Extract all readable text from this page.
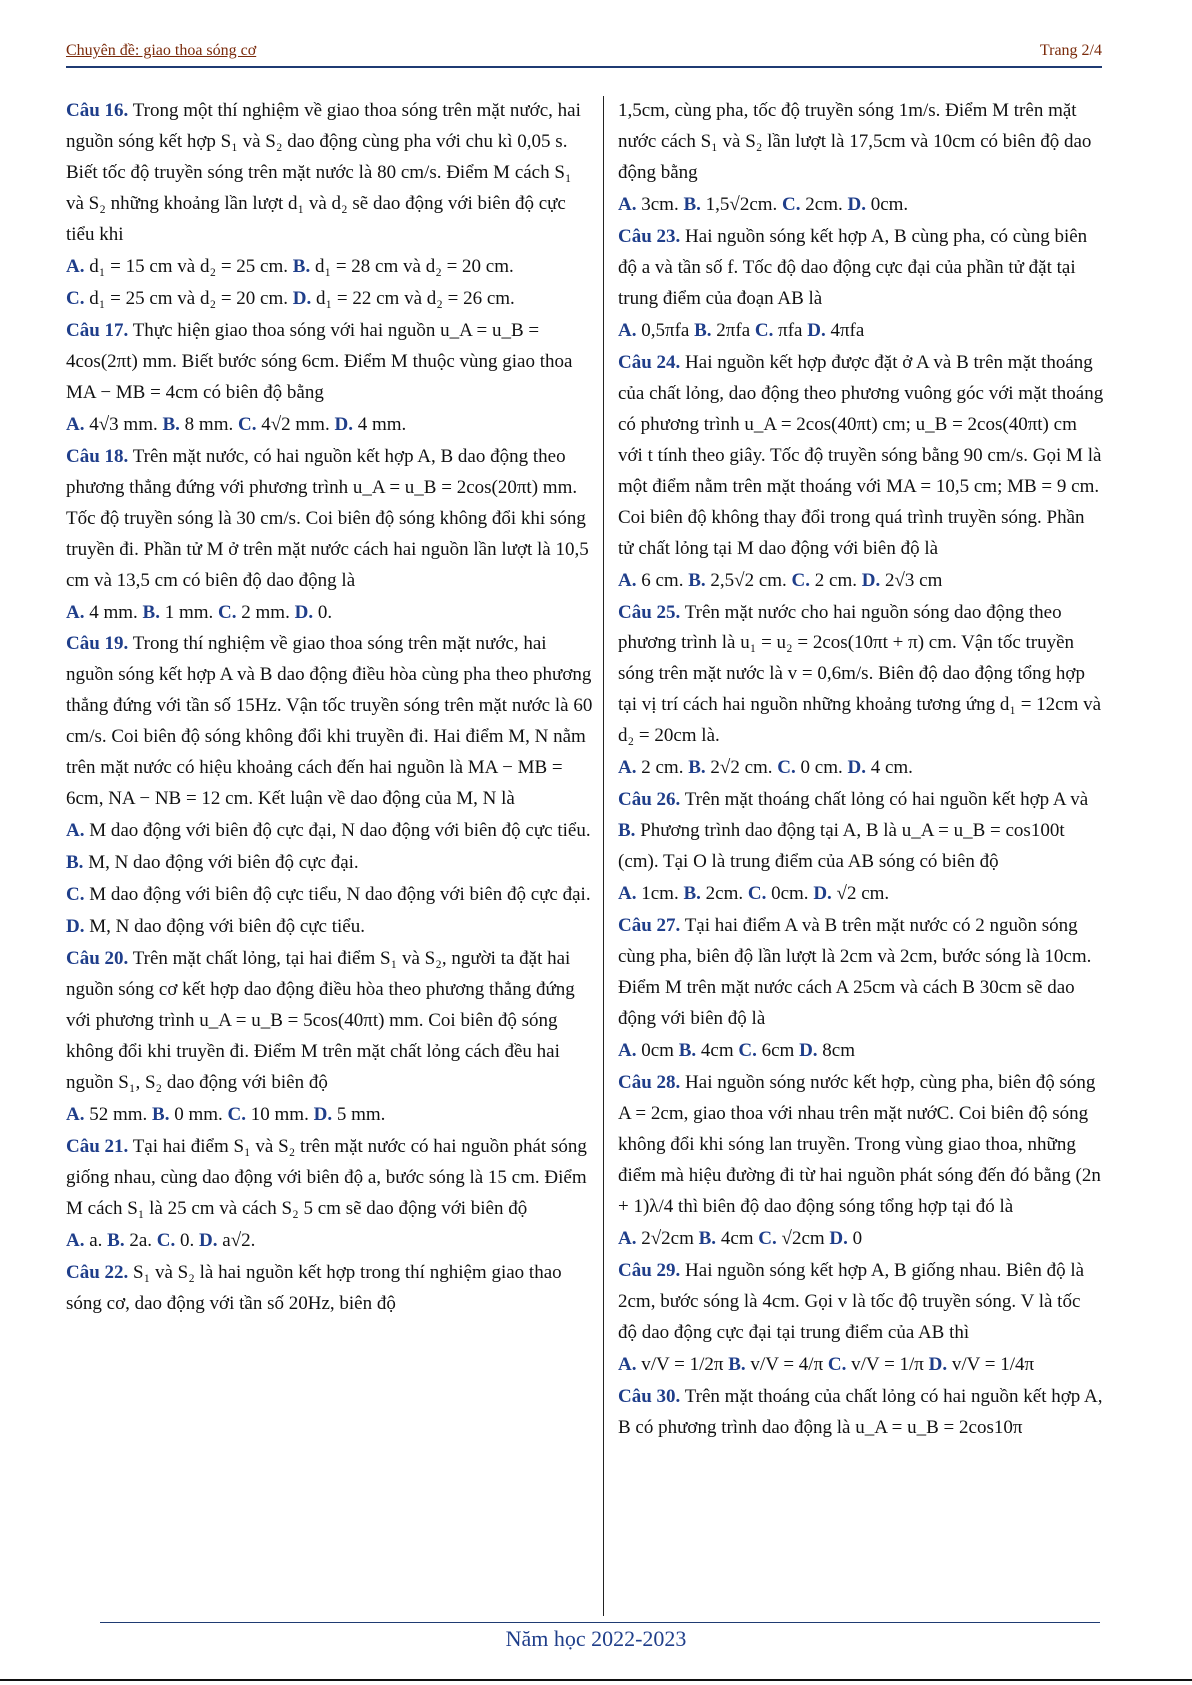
Chuyên đề: giao thoa sóng cơ	Trang 2/4

Câu 16. Trong một thí nghiệm về giao thoa sóng trên mặt nước, hai nguồn sóng kết hợp S₁ và S₂ dao động cùng pha với chu kì 0,05 s. Biết tốc độ truyền sóng trên mặt nước là 80 cm/s. Điểm M cách S₁ và S₂ những khoảng lần lượt d₁ và d₂ sẽ dao động với biên độ cực tiểu khi

A. d₁ = 15 cm và d₂ = 25 cm. B. d₁ = 28 cm và d₂ = 20 cm.

C. d₁ = 25 cm và d₂ = 20 cm. D. d₁ = 22 cm và d₂ = 26 cm.

Câu 17. Thực hiện giao thoa sóng với hai nguồn u_A = u_B = 4cos(2πt) mm. Biết bước sóng 6cm. Điểm M thuộc vùng giao thoa MA − MB = 4cm có biên độ bằng

A. 4√3 mm. B. 8 mm. C. 4√2 mm. D. 4 mm.

Câu 18. Trên mặt nước, có hai nguồn kết hợp A, B dao động theo phương thẳng đứng với phương trình u_A = u_B = 2cos(20πt) mm. Tốc độ truyền sóng là 30 cm/s. Coi biên độ sóng không đổi khi sóng truyền đi. Phần tử M ở trên mặt nước cách hai nguồn lần lượt là 10,5 cm và 13,5 cm có biên độ dao động là

A. 4 mm. B. 1 mm. C. 2 mm. D. 0.

Câu 19. Trong thí nghiệm về giao thoa sóng trên mặt nước, hai nguồn sóng kết hợp A và B dao động điều hòa cùng pha theo phương thẳng đứng với tần số 15Hz. Vận tốc truyền sóng trên mặt nước là 60 cm/s. Coi biên độ sóng không đổi khi truyền đi. Hai điểm M, N nằm trên mặt nước có hiệu khoảng cách đến hai nguồn là MA − MB = 6cm, NA − NB = 12 cm. Kết luận về dao động của M, N là

A. M dao động với biên độ cực đại, N dao động với biên độ cực tiểu.

B. M, N dao động với biên độ cực đại.

C. M dao động với biên độ cực tiểu, N dao động với biên độ cực đại.

D. M, N dao động với biên độ cực tiểu.

Câu 20. Trên mặt chất lỏng, tại hai điểm S₁ và S₂, người ta đặt hai nguồn sóng cơ kết hợp dao động điều hòa theo phương thẳng đứng với phương trình u_A = u_B = 5cos(40πt) mm. Coi biên độ sóng không đổi khi truyền đi. Điểm M trên mặt chất lỏng cách đều hai nguồn S₁, S₂ dao động với biên độ

A. 52 mm. B. 0 mm. C. 10 mm. D. 5 mm.

Câu 21. Tại hai điểm S₁ và S₂ trên mặt nước có hai nguồn phát sóng giống nhau, cùng dao động với biên độ a, bước sóng là 15 cm. Điểm M cách S₁ là 25 cm và cách S₂ 5 cm sẽ dao động với biên độ

A. a. B. 2a. C. 0. D. a√2.

Câu 22. S₁ và S₂ là hai nguồn kết hợp trong thí nghiệm giao thao sóng cơ, dao động với tần số 20Hz, biên độ

1,5cm, cùng pha, tốc độ truyền sóng 1m/s. Điểm M trên mặt nước cách S₁ và S₂ lần lượt là 17,5cm và 10cm có biên độ dao động bằng

A. 3cm. B. 1,5√2cm. C. 2cm. D. 0cm.

Câu 23. Hai nguồn sóng kết hợp A, B cùng pha, có cùng biên độ a và tần số f. Tốc độ dao động cực đại của phần tử đặt tại trung điểm của đoạn AB là

A. 0,5πfa B. 2πfa C. πfa D. 4πfa

Câu 24. Hai nguồn kết hợp được đặt ở A và B trên mặt thoáng của chất lỏng, dao động theo phương vuông góc với mặt thoáng có phương trình u_A = 2cos(40πt) cm; u_B = 2cos(40πt) cm với t tính theo giây. Tốc độ truyền sóng bằng 90 cm/s. Gọi M là một điểm nằm trên mặt thoáng với MA = 10,5 cm; MB = 9 cm. Coi biên độ không thay đổi trong quá trình truyền sóng. Phần tử chất lỏng tại M dao động với biên độ là

A. 6 cm. B. 2,5√2 cm. C. 2 cm. D. 2√3 cm

Câu 25. Trên mặt nước cho hai nguồn sóng dao động theo phương trình là u₁ = u₂ = 2cos(10πt + π) cm. Vận tốc truyền sóng trên mặt nước là v = 0,6m/s. Biên độ dao động tổng hợp tại vị trí cách hai nguồn những khoảng tương ứng d₁ = 12cm và d₂ = 20cm là.

A. 2 cm. B. 2√2 cm. C. 0 cm. D. 4 cm.

Câu 26. Trên mặt thoáng chất lỏng có hai nguồn kết hợp A và B. Phương trình dao động tại A, B là u_A = u_B = cos100t (cm). Tại O là trung điểm của AB sóng có biên độ

A. 1cm. B. 2cm. C. 0cm. D. √2 cm.

Câu 27. Tại hai điểm A và B trên mặt nước có 2 nguồn sóng cùng pha, biên độ lần lượt là 2cm và 2cm, bước sóng là 10cm. Điểm M trên mặt nước cách A 25cm và cách B 30cm sẽ dao động với biên độ là

A. 0cm B. 4cm C. 6cm D. 8cm

Câu 28. Hai nguồn sóng nước kết hợp, cùng pha, biên độ sóng A = 2cm, giao thoa với nhau trên mặt nướC. Coi biên độ sóng không đổi khi sóng lan truyền. Trong vùng giao thoa, những điểm mà hiệu đường đi từ hai nguồn phát sóng đến đó bằng (2n + 1)λ/4 thì biên độ dao động sóng tổng hợp tại đó là

A. 2√2cm B. 4cm C. √2cm D. 0

Câu 29. Hai nguồn sóng kết hợp A, B giống nhau. Biên độ là 2cm, bước sóng là 4cm. Gọi v là tốc độ truyền sóng. V là tốc độ dao động cực đại tại trung điểm của AB thì

A. v/V = 1/2π B. v/V = 4/π C. v/V = 1/π D. v/V = 1/4π

Câu 30. Trên mặt thoáng của chất lỏng có hai nguồn kết hợp A, B có phương trình dao động là u_A = u_B = 2cos10π

Năm học 2022-2023
